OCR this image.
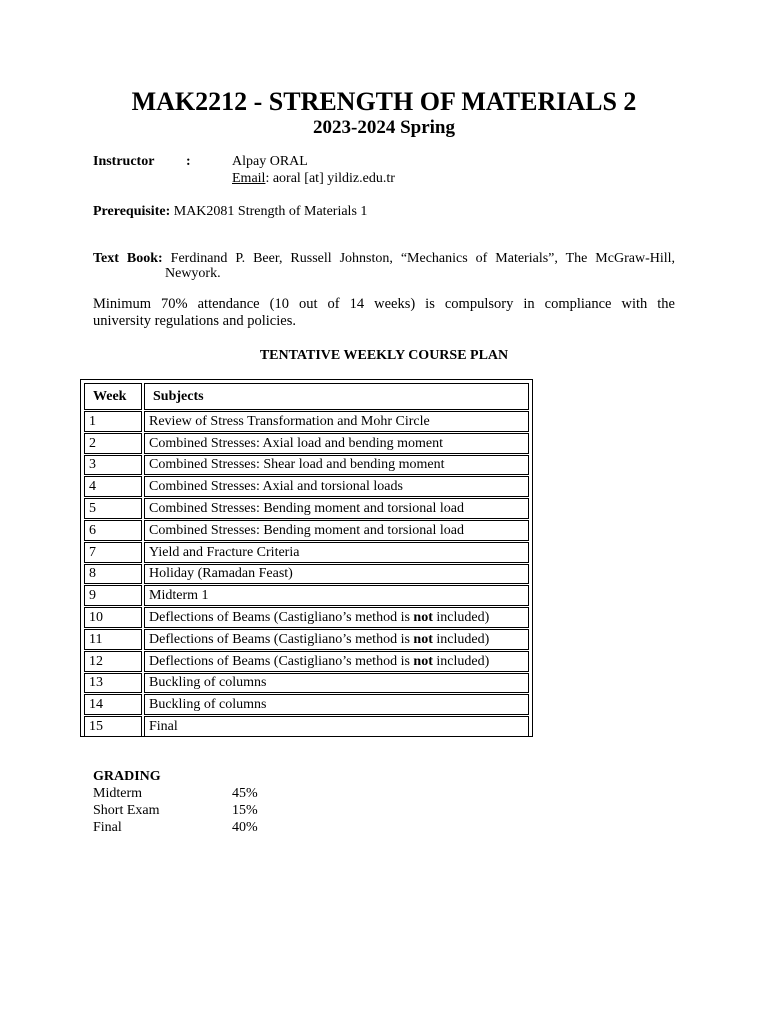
MAK2212 - STRENGTH OF MATERIALS 2
2023-2024 Spring
Instructor :	Alpay ORAL
Email: aoral [at] yildiz.edu.tr
Prerequisite: MAK2081 Strength of Materials 1
Text Book: Ferdinand P. Beer, Russell Johnston, “Mechanics of Materials”, The McGraw-Hill,
Newyork.
Minimum 70% attendance (10 out of 14 weeks) is compulsory in compliance with the
university regulations and policies.
TENTATIVE WEEKLY COURSE PLAN
Week	Subjects
1	Review of Stress Transformation and Mohr Circle
2	Combined Stresses: Axial load and bending moment
3	Combined Stresses: Shear load and bending moment
4	Combined Stresses: Axial and torsional loads
5	Combined Stresses: Bending moment and torsional load
6	Combined Stresses: Bending moment and torsional load
7	Yield and Fracture Criteria
8	Holiday (Ramadan Feast)
9	Midterm 1
10	Deflections of Beams (Castigliano’s method is not included)
11	Deflections of Beams (Castigliano’s method is not included)
12	Deflections of Beams (Castigliano’s method is not included)
13	Buckling of columns
14	Buckling of columns
15	Final
GRADING
Midterm	45%
Short Exam	15%
Final	40%
